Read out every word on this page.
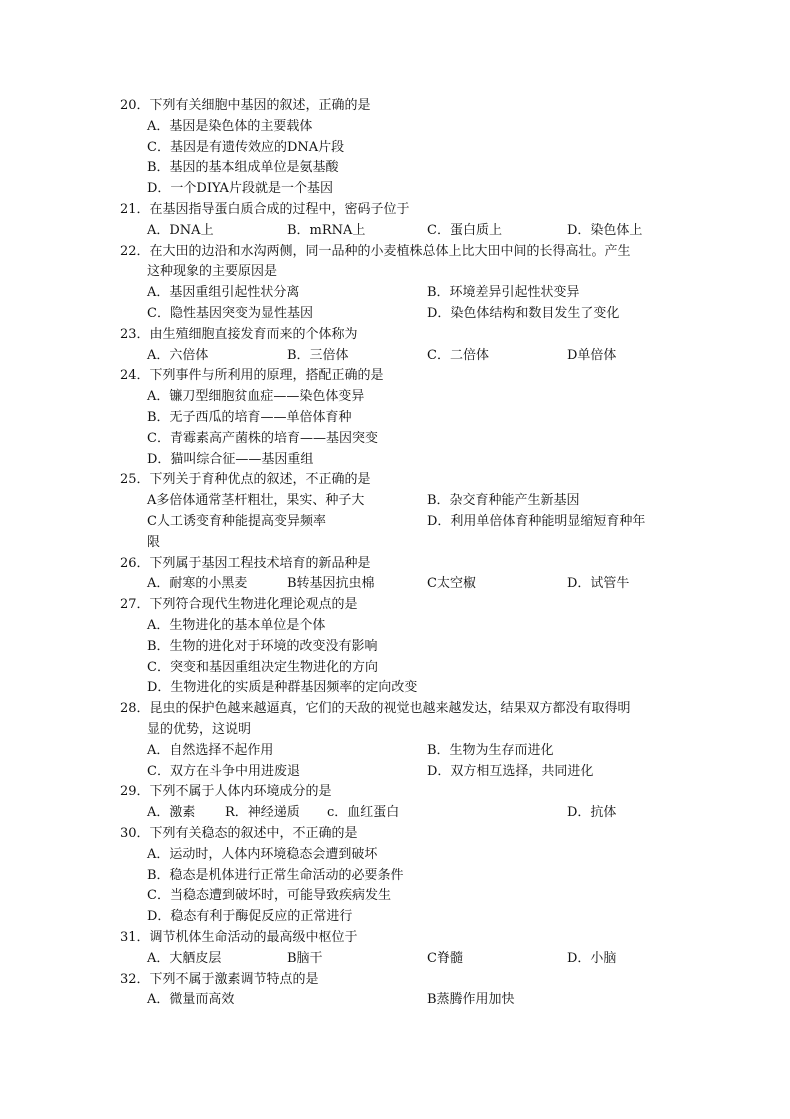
20．下列有关细胞中基因的叙述，正确的是
A．基因是染色体的主要载体
C．基因是有遗传效应的DNA片段
B．基因的基本组成单位是氨基酸
D．一个DIYA片段就是一个基因
21．在基因指导蛋白质合成的过程中，密码子位于
A．DNA上	B．mRNA上	C．蛋白质上	D．染色体上
22．在大田的边沿和水沟两侧，同一品种的小麦植株总体上比大田中间的长得高壮。产生
这种现象的主要原因是
A．基因重组引起性状分离	B．环境差异引起性状变异
C．隐性基因突变为显性基因	D．染色体结构和数目发生了变化
23．由生殖细胞直接发育而来的个体称为
A．六倍体	B．三倍体	C．二倍体	D单倍体
24．下列事件与所利用的原理，搭配正确的是
A．镰刀型细胞贫血症——染色体变异
B．无子西瓜的培育——单倍体育种
C．青霉素高产菌株的培育——基因突变
D．猫叫综合征——基因重组
25．下列关于育种优点的叙述，不正确的是
A多倍体通常茎杆粗壮，果实、种子大	B．杂交育种能产生新基因
C人工诱变育种能提高变异频率	D．利用单倍体育种能明显缩短育种年
限
26．下列属于基因工程技术培育的新品种是
A．耐寒的小黑麦	B转基因抗虫棉	C太空椒	D．试管牛
27．下列符合现代生物进化理论观点的是
A．生物进化的基本单位是个体
B．生物的进化对于环境的改变没有影响
C．突变和基因重组决定生物进化的方向
D．生物进化的实质是种群基因频率的定向改变
28．昆虫的保护色越来越逼真，它们的天敌的视觉也越来越发达，结果双方都没有取得明
显的优势，这说明
A．自然选择不起作用	B．生物为生存而进化
C．双方在斗争中用进废退	D．双方相互选择，共同进化
29．下列不属于人体内环境成分的是
A．激素 R．神经递质 c．血红蛋白	D．抗体
30．下列有关稳态的叙述中，不正确的是
A．运动时，人体内环境稳态会遭到破坏
B．稳态是机体进行正常生命活动的必要条件
C．当稳态遭到破坏时，可能导致疾病发生
D．稳态有利于酶促反应的正常进行
31．调节机体生命活动的最高级中枢位于
A．大舾皮层	B脑干	C脊髓	D．小脑
32．下列不属于激素调节特点的是
A．微量而高效	B蒸腾作用加快
